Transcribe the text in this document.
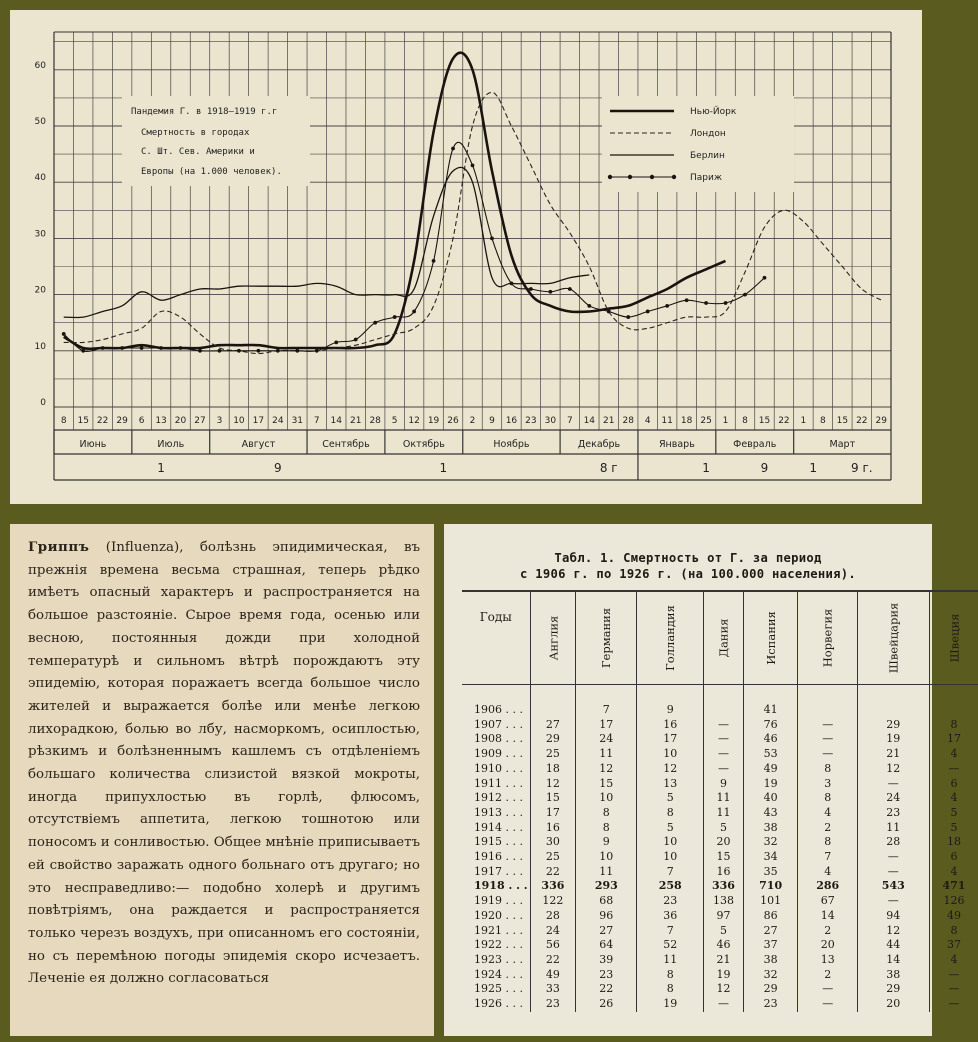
0
10
20
30
40
50
60
Июнь	Июль	Август	Сентябрь	Октябрь	Ноябрь	Декабрь	Январь	Февраль	Март
1	9	1	8 г	1	9	1	9 г.
8 15 22 29 6 13 20 27 3 10 17 24 31 7 14 21 28 5 12 19 26 2 9 16 23 30 7 14 21 28 4 11 18 25 1 8 15 22 1 8 15 22 29
Пандемия Г. в 1918—1919 г.г
Смертность в городах
С. Шт. Сев. Америки и
Европы (на 1.000 человек).
Нью-Йорк
Лондон
Берлин
Париж
Гриппъ (Influenza), болѣзнь эпидимическая, въ прежнія времена весьма страшная, теперь рѣдко имѣетъ опасный характеръ и распространяется на большое разстояніе. Сырое время года, осенью или весною, постоянныя дожди при холодной температурѣ и сильномъ вѣтрѣ порождаютъ эту эпидемію, которая поражаетъ всегда большое число жителей и выражается болѣе или менѣе легкою лихорадкою, болью во лбу, насморкомъ, осиплостью, рѣзкимъ и болѣзненнымъ кашлемъ съ отдѣленіемъ большаго количества слизистой вязкой мокроты, иногда припухлостью въ горлѣ, флюсомъ, отсутствіемъ аппетита, легкою тошнотою или поносомъ и сонливостью. Общее мнѣніе приписываетъ ей свойство заражать одного больнаго отъ другаго; но это несправедливо:— подобно холерѣ и другимъ повѣтріямъ, она раждается и распространяется только черезъ воздухъ, при описанномъ его состояніи, но съ перемѣною погоды эпидемія скоро исчезаетъ. Леченіе ея должно согласоваться
Табл. 1. Смертность от Г. за период
с 1906 г. по 1926 г. (на 100.000 населения).
Годы	Англия	Германия	Голландия	Дания	Испания	Норвегия	Швейцария	Швеция

1906 . . .		7	9		41			
1907 . . .	27	17	16	—	76	—	29	8
1908 . . .	29	24	17	—	46	—	19	17
1909 . . .	25	11	10	—	53	—	21	4
1910 . . .	18	12	12	—	49	8	12	—
1911 . . .	12	15	13	9	19	3	—	6
1912 . . .	15	10	5	11	40	8	24	4
1913 . . .	17	8	8	11	43	4	23	5
1914 . . .	16	8	5	5	38	2	11	5
1915 . . .	30	9	10	20	32	8	28	18
1916 . . .	25	10	10	15	34	7	—	6
1917 . . .	22	11	7	16	35	4	—	4
1918 . . .	336	293	258	336	710	286	543	471
1919 . . .	122	68	23	138	101	67	—	126
1920 . . .	28	96	36	97	86	14	94	49
1921 . . .	24	27	7	5	27	2	12	8
1922 . . .	56	64	52	46	37	20	44	37
1923 . . .	22	39	11	21	38	13	14	4
1924 . . .	49	23	8	19	32	2	38	—
1925 . . .	33	22	8	12	29	—	29	—
1926 . . .	23	26	19	—	23	—	20	—
